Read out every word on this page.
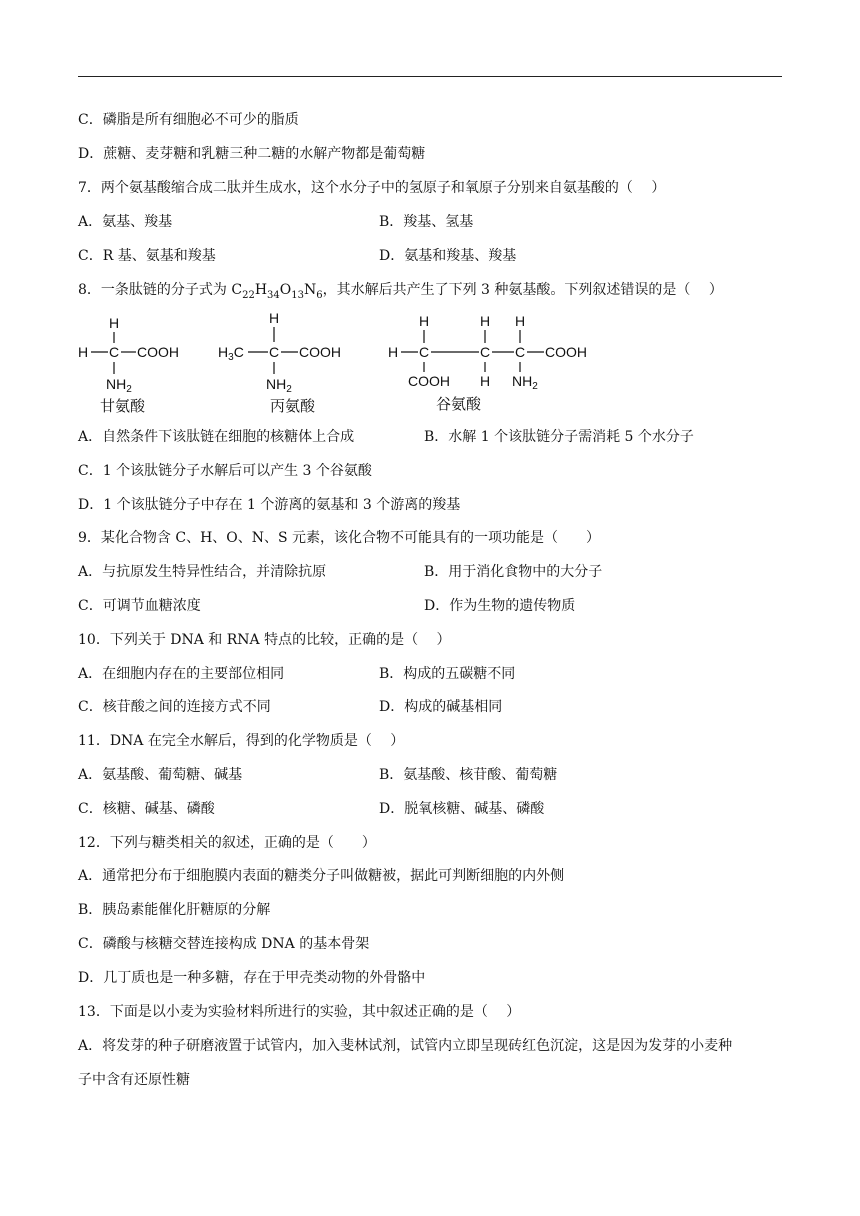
C．磷脂是所有细胞必不可少的脂质
D．蔗糖、麦芽糖和乳糖三种二糖的水解产物都是葡萄糖
7．两个氨基酸缩合成二肽并生成水，这个水分子中的氢原子和氧原子分别来自氨基酸的（　 ）
A．氨基、羧基	B．羧基、氢基
C．R 基、氨基和羧基	D．氨基和羧基、羧基
8．一条肽链的分子式为 $C_{22}H_{34}O_{13}N_6$，其水解后共产生了下列 3 种氨基酸。下列叙述错误的是（　 ）
H
H C COOH
$NH_2$
甘氨酸
H
$H_3C$ C COOH
$NH_2$
丙氨酸
H	H H
H C	C C COOH
COOH H $NH_2$
谷氨酸
A．自然条件下该肽链在细胞的核糖体上合成	B．水解 1 个该肽链分子需消耗 5 个水分子
C．1 个该肽链分子水解后可以产生 3 个谷氨酸
D．1 个该肽链分子中存在 1 个游离的氨基和 3 个游离的羧基
9．某化合物含 C、H、O、N、S 元素，该化合物不可能具有的一项功能是（　　）
A．与抗原发生特异性结合，并清除抗原	B．用于消化食物中的大分子
C．可调节血糖浓度	D．作为生物的遗传物质
10．下列关于 DNA 和 RNA 特点的比较，正确的是（　 ）
A．在细胞内存在的主要部位相同	B．构成的五碳糖不同
C．核苷酸之间的连接方式不同	D．构成的碱基相同
11．DNA 在完全水解后，得到的化学物质是（　 ）
A．氨基酸、葡萄糖、碱基	B．氨基酸、核苷酸、葡萄糖
C．核糖、碱基、磷酸	D．脱氧核糖、碱基、磷酸
12．下列与糖类相关的叙述，正确的是（　　）
A．通常把分布于细胞膜内表面的糖类分子叫做糖被，据此可判断细胞的内外侧
B．胰岛素能催化肝糖原的分解
C．磷酸与核糖交替连接构成 DNA 的基本骨架
D．几丁质也是一种多糖，存在于甲壳类动物的外骨骼中
13．下面是以小麦为实验材料所进行的实验，其中叙述正确的是（　 ）
A．将发芽的种子研磨液置于试管内，加入斐林试剂，试管内立即呈现砖红色沉淀，这是因为发芽的小麦种
子中含有还原性糖
